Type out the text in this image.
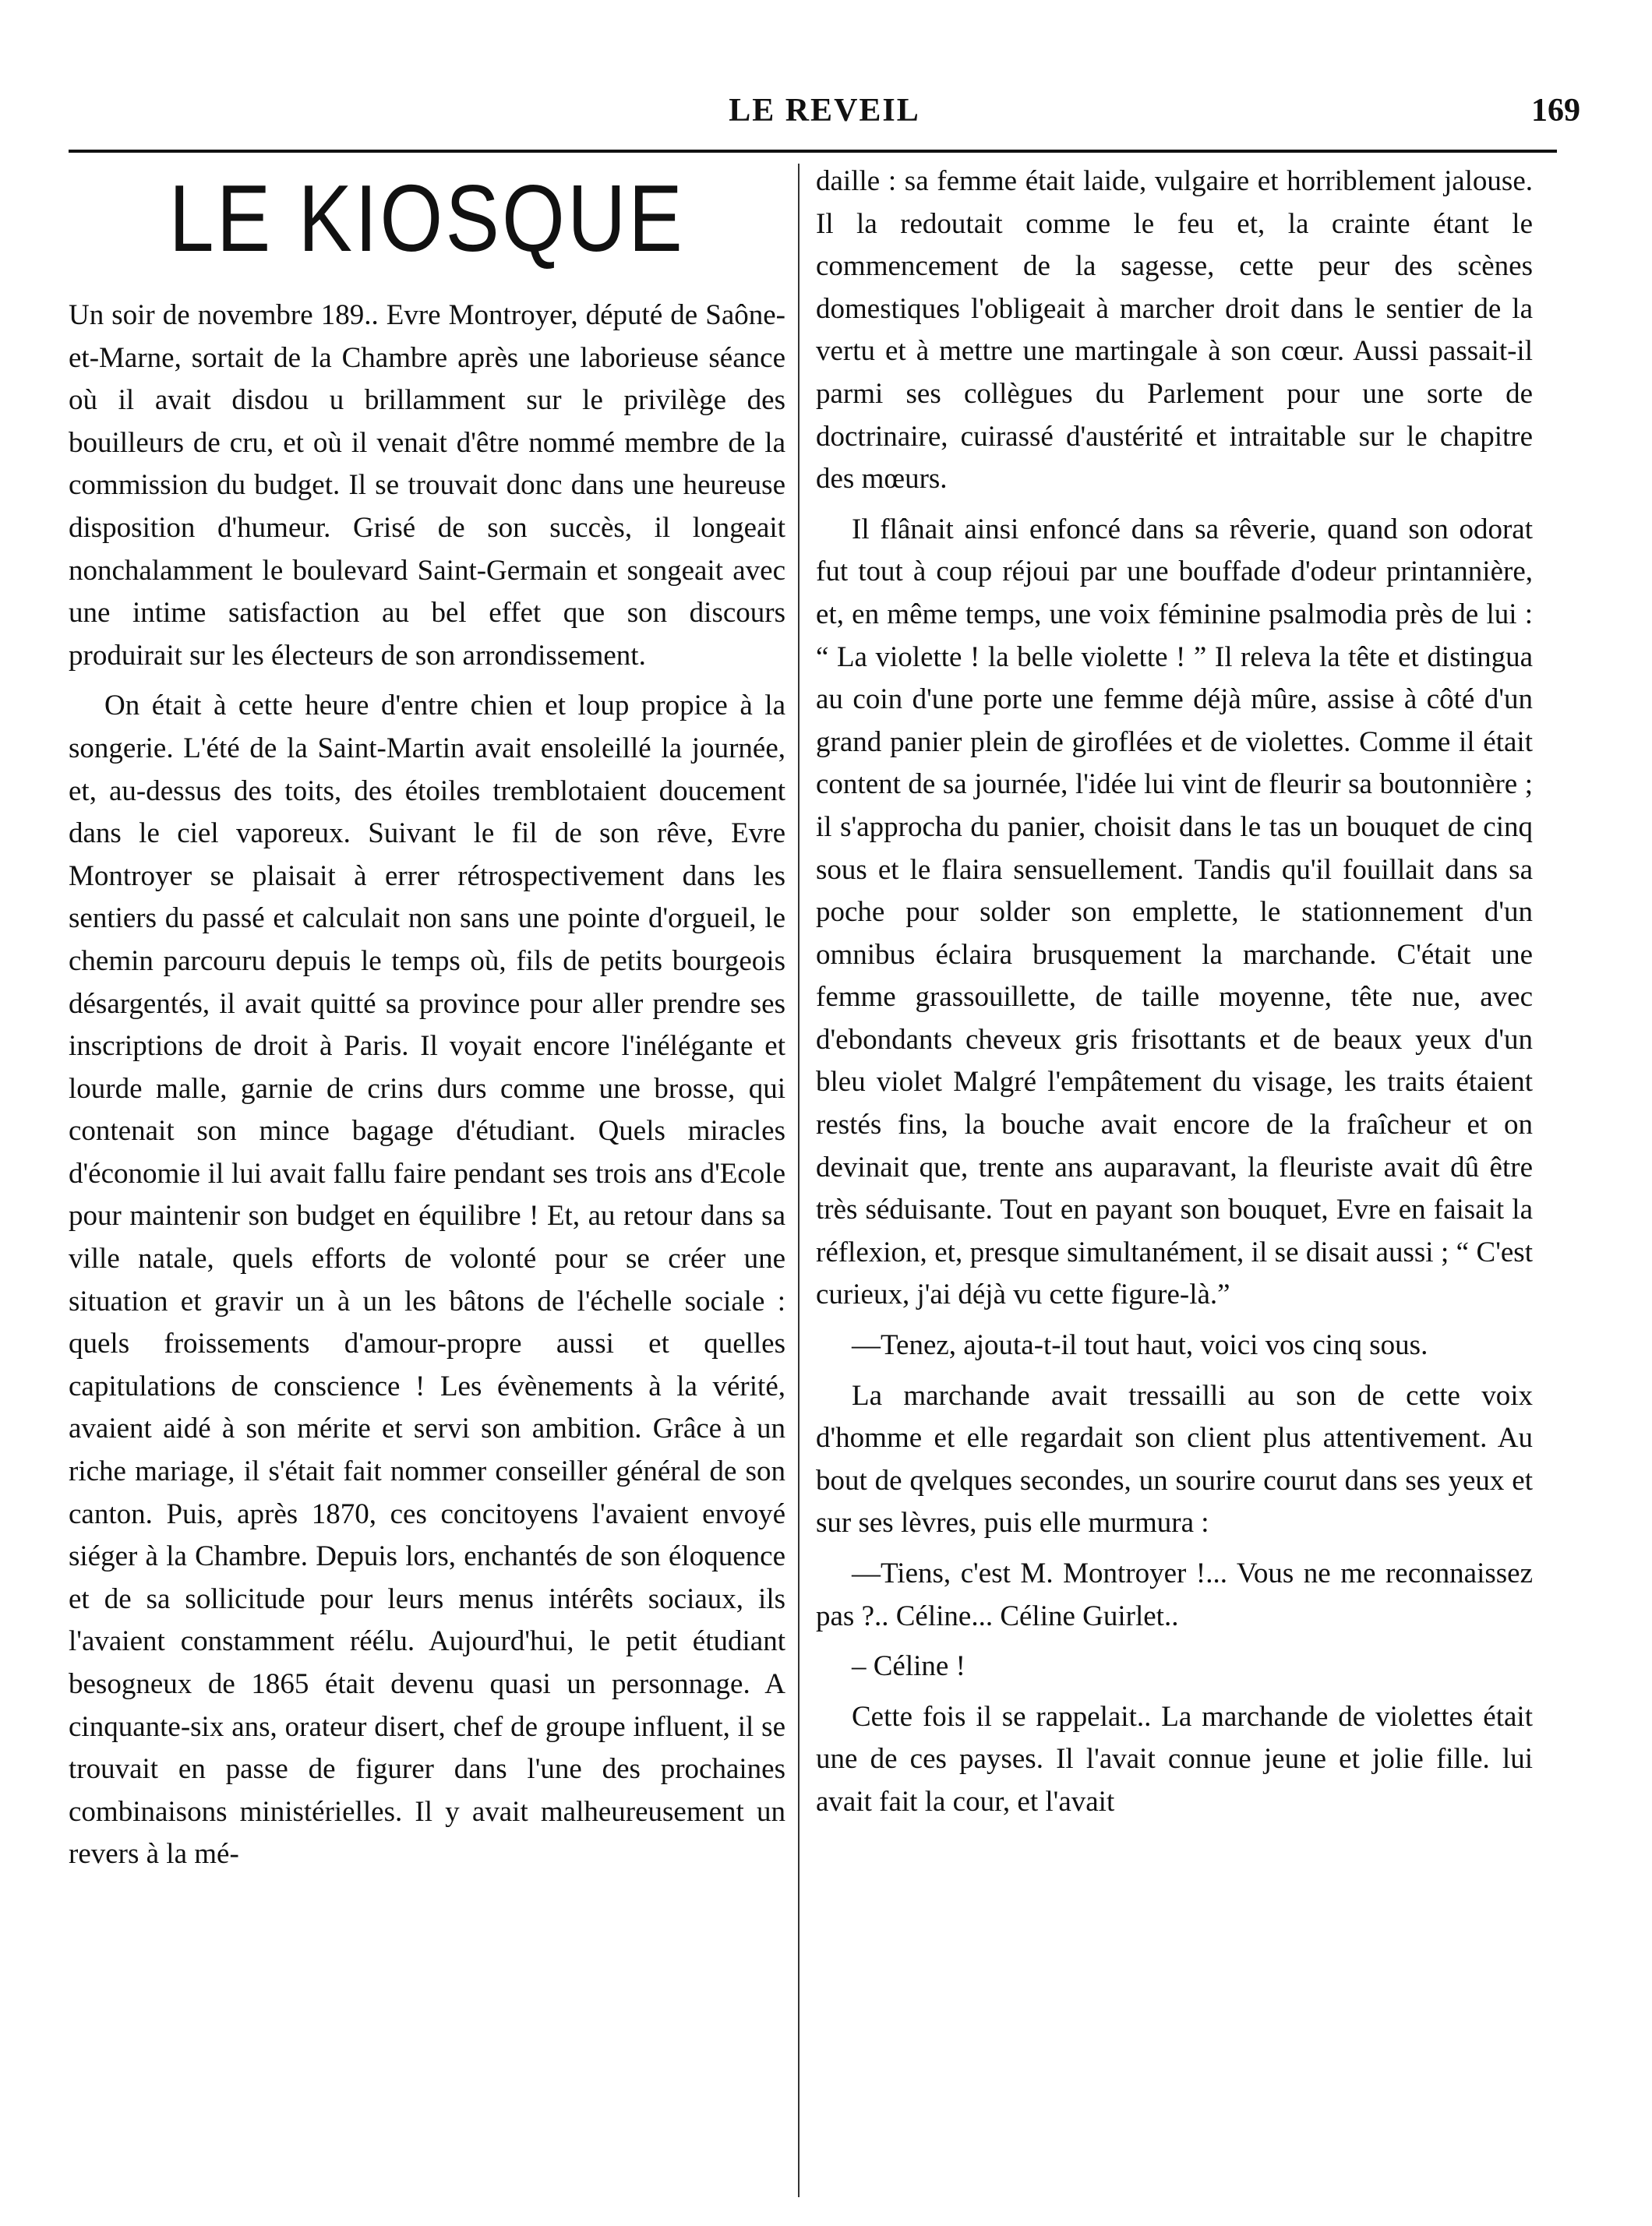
LE REVEIL	169
LE KIOSQUE

Un soir de novembre 189.. Evre Montroyer, député de Saône-et-Marne, sortait de la Chambre après une laborieuse séance où il avait disdou u brillamment sur le privilège des bouilleurs de cru, et où il venait d'être nommé membre de la commission du budget. Il se trouvait donc dans une heureuse disposition d'humeur. Grisé de son succès, il longeait nonchalamment le boulevard Saint-Germain et songeait avec une intime satisfaction au bel effet que son discours produirait sur les électeurs de son arrondissement.

On était à cette heure d'entre chien et loup propice à la songerie. L'été de la Saint-Martin avait ensoleillé la journée, et, au-dessus des toits, des étoiles tremblotaient doucement dans le ciel vaporeux. Suivant le fil de son rêve, Evre Montroyer se plaisait à errer rétrospectivement dans les sentiers du passé et calculait non sans une pointe d'orgueil, le chemin parcouru depuis le temps où, fils de petits bourgeois désargentés, il avait quitté sa province pour aller prendre ses inscriptions de droit à Paris. Il voyait encore l'inélégante et lourde malle, garnie de crins durs comme une brosse, qui contenait son mince bagage d'étudiant. Quels miracles d'économie il lui avait fallu faire pendant ses trois ans d'Ecole pour maintenir son budget en équilibre ! Et, au retour dans sa ville natale, quels efforts de volonté pour se créer une situation et gravir un à un les bâtons de l'échelle sociale : quels froissements d'amour-propre aussi et quelles capitulations de conscience ! Les évènements à la vérité, avaient aidé à son mérite et servi son ambition. Grâce à un riche mariage, il s'était fait nommer conseiller général de son canton. Puis, après 1870, ces concitoyens l'avaient envoyé siéger à la Chambre. Depuis lors, enchantés de son éloquence et de sa sollicitude pour leurs menus intérêts sociaux, ils l'avaient constamment réélu. Aujourd'hui, le petit étudiant besogneux de 1865 était devenu quasi un personnage. A cinquante-six ans, orateur disert, chef de groupe influent, il se trouvait en passe de figurer dans l'une des prochaines combinaisons ministérielles. Il y avait malheureusement un revers à la mé-

daille : sa femme était laide, vulgaire et horriblement jalouse. Il la redoutait comme le feu et, la crainte étant le commencement de la sagesse, cette peur des scènes domestiques l'obligeait à marcher droit dans le sentier de la vertu et à mettre une martingale à son cœur. Aussi passait-il parmi ses collègues du Parlement pour une sorte de doctrinaire, cuirassé d'austérité et intraitable sur le chapitre des mœurs.

Il flânait ainsi enfoncé dans sa rêverie, quand son odorat fut tout à coup réjoui par une bouffade d'odeur printannière, et, en même temps, une voix féminine psalmodia près de lui : “ La violette ! la belle violette ! ” Il releva la tête et distingua au coin d'une porte une femme déjà mûre, assise à côté d'un grand panier plein de giroflées et de violettes. Comme il était content de sa journée, l'idée lui vint de fleurir sa boutonnière ; il s'approcha du panier, choisit dans le tas un bouquet de cinq sous et le flaira sensuellement. Tandis qu'il fouillait dans sa poche pour solder son emplette, le stationnement d'un omnibus éclaira brusquement la marchande. C'était une femme grassouillette, de taille moyenne, tête nue, avec d'ebondants cheveux gris frisottants et de beaux yeux d'un bleu violet Malgré l'empâtement du visage, les traits étaient restés fins, la bouche avait encore de la fraîcheur et on devinait que, trente ans auparavant, la fleuriste avait dû être très séduisante. Tout en payant son bouquet, Evre en faisait la réflexion, et, presque simultanément, il se disait aussi ; “ C'est curieux, j'ai déjà vu cette figure-là.”

—Tenez, ajouta-t-il tout haut, voici vos cinq sous.

La marchande avait tressailli au son de cette voix d'homme et elle regardait son client plus attentivement. Au bout de qvelques secondes, un sourire courut dans ses yeux et sur ses lèvres, puis elle murmura :

—Tiens, c'est M. Montroyer !... Vous ne me reconnaissez pas ?.. Céline... Céline Guirlet..

– Céline !

Cette fois il se rappelait.. La marchande de violettes était une de ces payses. Il l'avait connue jeune et jolie fille. lui avait fait la cour, et l'avait
